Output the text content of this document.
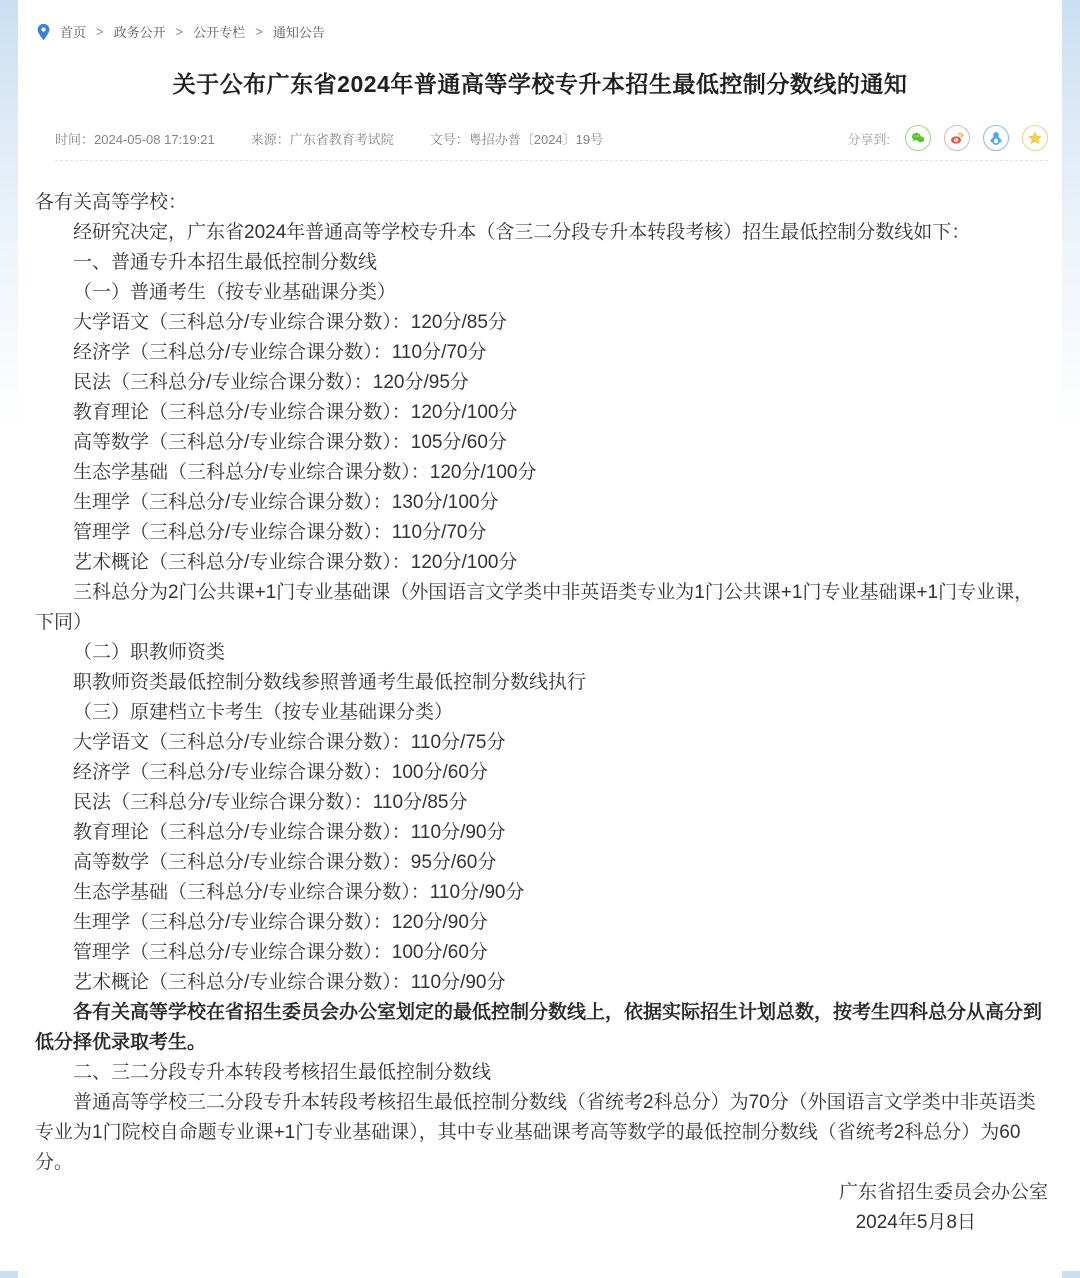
首页 > 政务公开 > 公开专栏 > 通知公告
关于公布广东省2024年普通高等学校专升本招生最低控制分数线的通知
时间：2024-05-08 17:19:21	来源：广东省教育考试院	文号：粤招办普〔2024〕19号	分享到:
各有关高等学校：
经研究决定，广东省2024年普通高等学校专升本（含三二分段专升本转段考核）招生最低控制分数线如下：
一、普通专升本招生最低控制分数线
（一）普通考生（按专业基础课分类）
大学语文（三科总分/专业综合课分数）：120分/85分
经济学（三科总分/专业综合课分数）：110分/70分
民法（三科总分/专业综合课分数）：120分/95分
教育理论（三科总分/专业综合课分数）：120分/100分
高等数学（三科总分/专业综合课分数）：105分/60分
生态学基础（三科总分/专业综合课分数）：120分/100分
生理学（三科总分/专业综合课分数）：130分/100分
管理学（三科总分/专业综合课分数）：110分/70分
艺术概论（三科总分/专业综合课分数）：120分/100分
三科总分为2门公共课+1门专业基础课（外国语言文学类中非英语类专业为1门公共课+1门专业基础课+1门专业课，下同）
（二）职教师资类
职教师资类最低控制分数线参照普通考生最低控制分数线执行
（三）原建档立卡考生（按专业基础课分类）
大学语文（三科总分/专业综合课分数）：110分/75分
经济学（三科总分/专业综合课分数）：100分/60分
民法（三科总分/专业综合课分数）：110分/85分
教育理论（三科总分/专业综合课分数）：110分/90分
高等数学（三科总分/专业综合课分数）：95分/60分
生态学基础（三科总分/专业综合课分数）：110分/90分
生理学（三科总分/专业综合课分数）：120分/90分
管理学（三科总分/专业综合课分数）：100分/60分
艺术概论（三科总分/专业综合课分数）：110分/90分
各有关高等学校在省招生委员会办公室划定的最低控制分数线上，依据实际招生计划总数，按考生四科总分从高分到低分择优录取考生。
二、三二分段专升本转段考核招生最低控制分数线
普通高等学校三二分段专升本转段考核招生最低控制分数线（省统考2科总分）为70分（外国语言文学类中非英语类专业为1门院校自命题专业课+1门专业基础课），其中专业基础课考高等数学的最低控制分数线（省统考2科总分）为60分。
广东省招生委员会办公室
2024年5月8日
